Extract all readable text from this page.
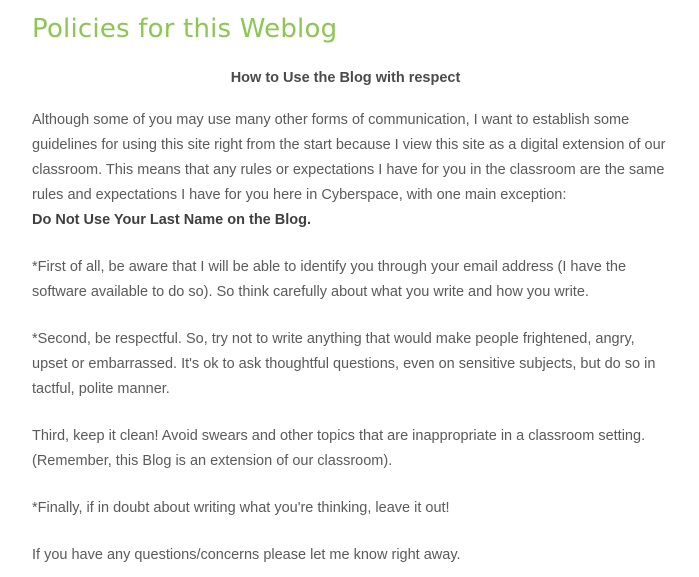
Policies for this Weblog
How to Use the Blog with respect

Although some of you may use many other forms of communication, I want to establish some guidelines for using this site right from the start because I view this site as a digital extension of our classroom. This means that any rules or expectations I have for you in the classroom are the same rules and expectations I have for you here in Cyberspace, with one main exception:
Do Not Use Your Last Name on the Blog.

*First of all, be aware that I will be able to identify you through your email address (I have the software available to do so). So think carefully about what you write and how you write.

*Second, be respectful. So, try not to write anything that would make people frightened, angry, upset or embarrassed. It's ok to ask thoughtful questions, even on sensitive subjects, but do so in tactful, polite manner.

Third, keep it clean! Avoid swears and other topics that are inappropriate in a classroom setting. (Remember, this Blog is an extension of our classroom).

*Finally, if in doubt about writing what you're thinking, leave it out!

If you have any questions/concerns please let me know right away.
